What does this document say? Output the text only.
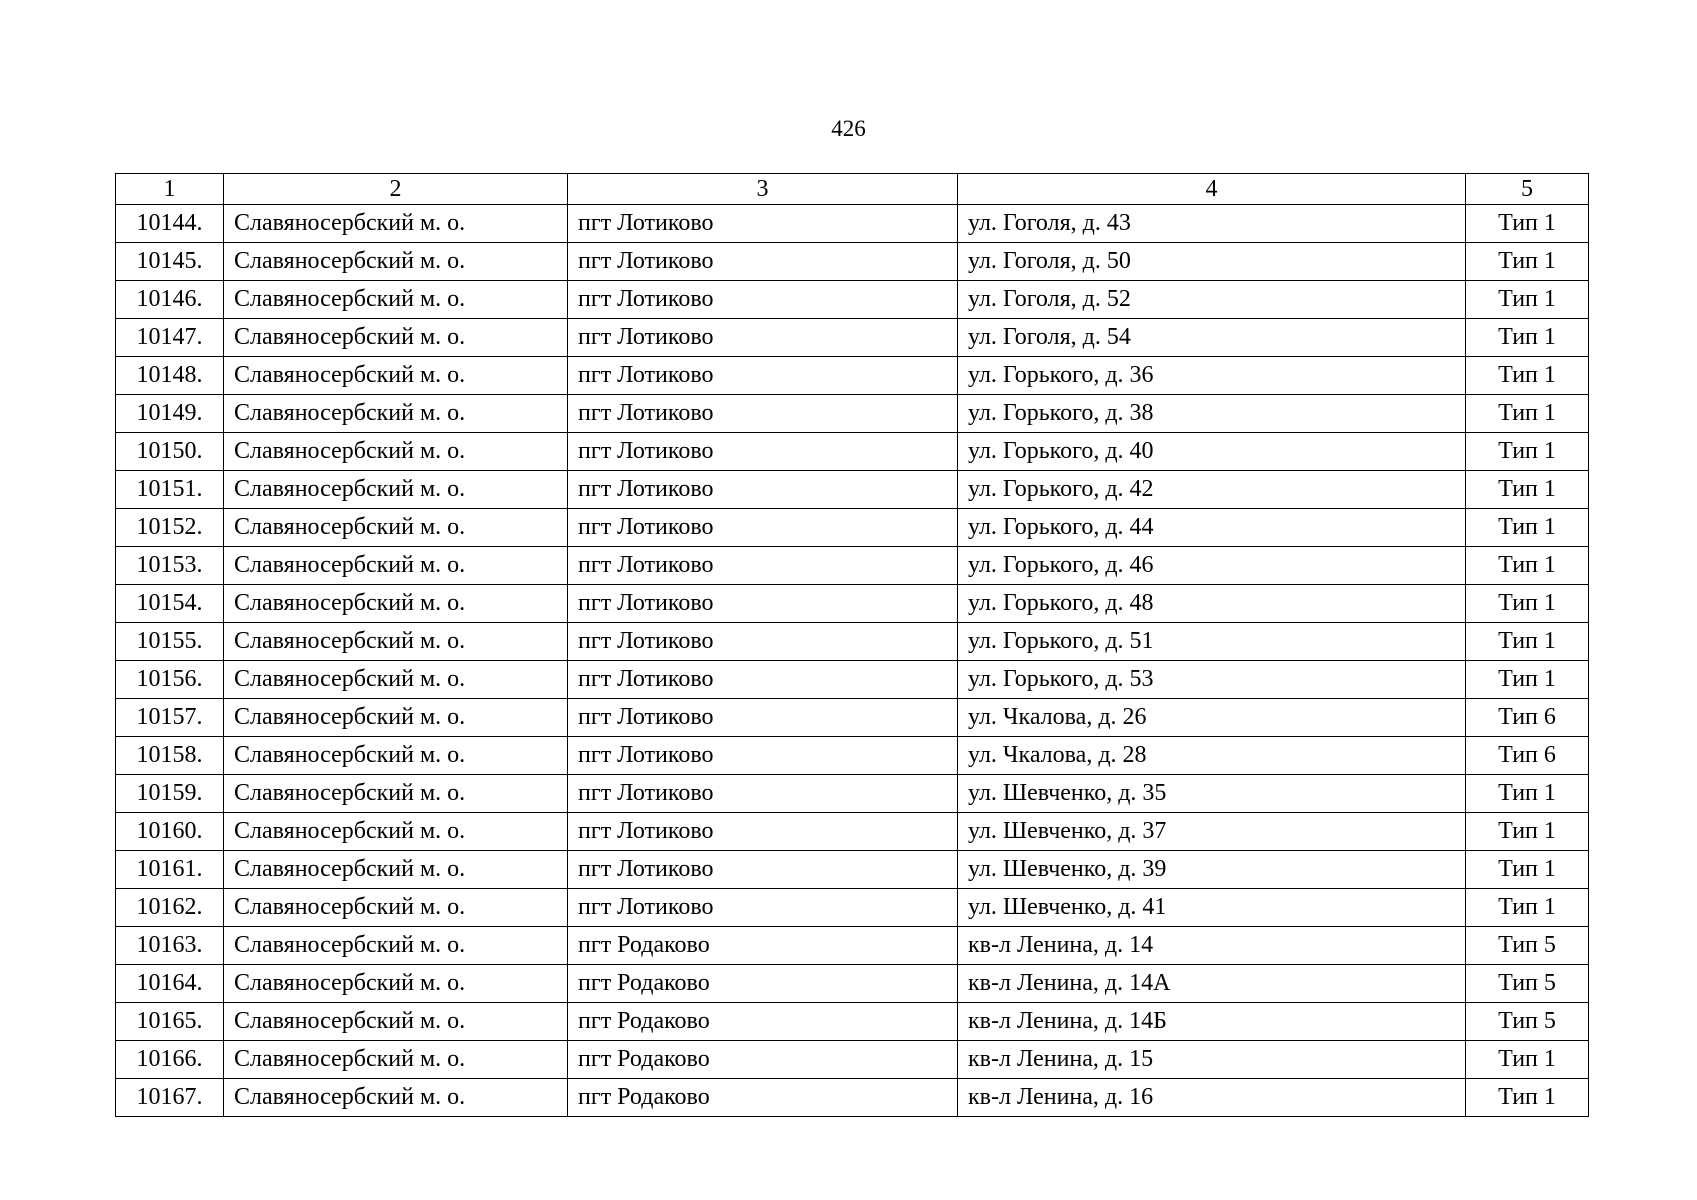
426
1	2	3	4	5
10144.	Славяносербский м. о.	пгт Лотиково	ул. Гоголя, д. 43	Тип 1
10145.	Славяносербский м. о.	пгт Лотиково	ул. Гоголя, д. 50	Тип 1
10146.	Славяносербский м. о.	пгт Лотиково	ул. Гоголя, д. 52	Тип 1
10147.	Славяносербский м. о.	пгт Лотиково	ул. Гоголя, д. 54	Тип 1
10148.	Славяносербский м. о.	пгт Лотиково	ул. Горького, д. 36	Тип 1
10149.	Славяносербский м. о.	пгт Лотиково	ул. Горького, д. 38	Тип 1
10150.	Славяносербский м. о.	пгт Лотиково	ул. Горького, д. 40	Тип 1
10151.	Славяносербский м. о.	пгт Лотиково	ул. Горького, д. 42	Тип 1
10152.	Славяносербский м. о.	пгт Лотиково	ул. Горького, д. 44	Тип 1
10153.	Славяносербский м. о.	пгт Лотиково	ул. Горького, д. 46	Тип 1
10154.	Славяносербский м. о.	пгт Лотиково	ул. Горького, д. 48	Тип 1
10155.	Славяносербский м. о.	пгт Лотиково	ул. Горького, д. 51	Тип 1
10156.	Славяносербский м. о.	пгт Лотиково	ул. Горького, д. 53	Тип 1
10157.	Славяносербский м. о.	пгт Лотиково	ул. Чкалова, д. 26	Тип 6
10158.	Славяносербский м. о.	пгт Лотиково	ул. Чкалова, д. 28	Тип 6
10159.	Славяносербский м. о.	пгт Лотиково	ул. Шевченко, д. 35	Тип 1
10160.	Славяносербский м. о.	пгт Лотиково	ул. Шевченко, д. 37	Тип 1
10161.	Славяносербский м. о.	пгт Лотиково	ул. Шевченко, д. 39	Тип 1
10162.	Славяносербский м. о.	пгт Лотиково	ул. Шевченко, д. 41	Тип 1
10163.	Славяносербский м. о.	пгт Родаково	кв-л Ленина, д. 14	Тип 5
10164.	Славяносербский м. о.	пгт Родаково	кв-л Ленина, д. 14А	Тип 5
10165.	Славяносербский м. о.	пгт Родаково	кв-л Ленина, д. 14Б	Тип 5
10166.	Славяносербский м. о.	пгт Родаково	кв-л Ленина, д. 15	Тип 1
10167.	Славяносербский м. о.	пгт Родаково	кв-л Ленина, д. 16	Тип 1
